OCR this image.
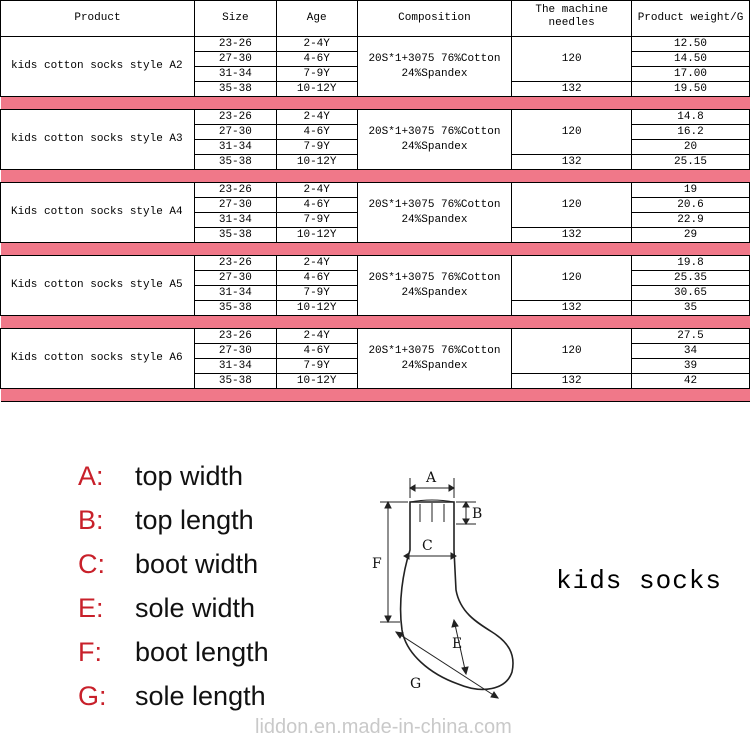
Product	Size	Age	Composition	The machine needles	Product weight/G
kids cotton socks style A2	23-26	2-4Y	20S*1+3075 76%Cotton 24%Spandex	120	12.50
	27-30	4-6Y			14.50
	31-34	7-9Y			17.00
	35-38	10-12Y		132	19.50

kids cotton socks style A3	23-26	2-4Y	20S*1+3075 76%Cotton 24%Spandex	120	14.8
	27-30	4-6Y			16.2
	31-34	7-9Y			20
	35-38	10-12Y		132	25.15

Kids cotton socks style A4	23-26	2-4Y	20S*1+3075 76%Cotton 24%Spandex	120	19
	27-30	4-6Y			20.6
	31-34	7-9Y			22.9
	35-38	10-12Y		132	29

Kids cotton socks style A5	23-26	2-4Y	20S*1+3075 76%Cotton 24%Spandex	120	19.8
	27-30	4-6Y			25.35
	31-34	7-9Y			30.65
	35-38	10-12Y		132	35

Kids cotton socks style A6	23-26	2-4Y	20S*1+3075 76%Cotton 24%Spandex	120	27.5
	27-30	4-6Y			34
	31-34	7-9Y			39
	35-38	10-12Y		132	42

A:	top width
B:	top length
C:	boot width
E:	sole width
F:	boot length
G:	sole length
A
B
C
F
E
G
kids socks
liddon.en.made-in-china.com
